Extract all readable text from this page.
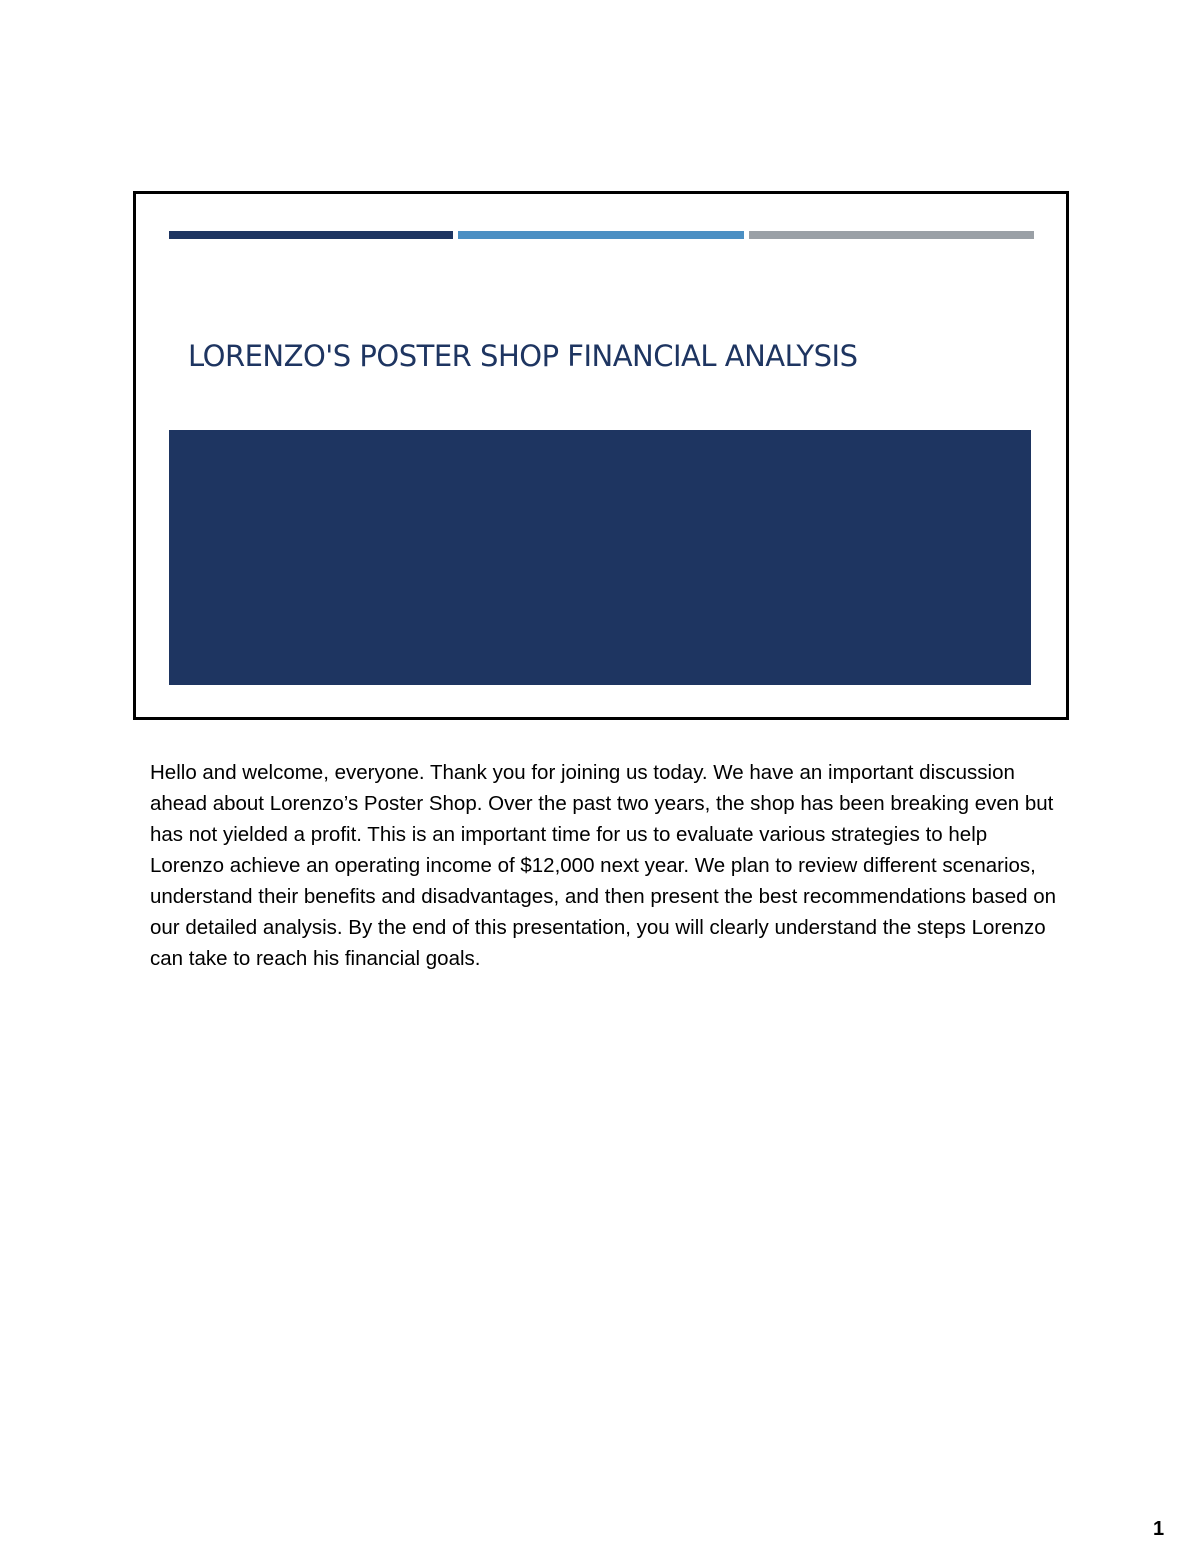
LORENZO'S POSTER SHOP FINANCIAL ANALYSIS

Hello and welcome, everyone. Thank you for joining us today. We have an important discussion ahead about Lorenzo’s Poster Shop. Over the past two years, the shop has been breaking even but has not yielded a profit. This is an important time for us to evaluate various strategies to help Lorenzo achieve an operating income of $12,000 next year. We plan to review different scenarios, understand their benefits and disadvantages, and then present the best recommendations based on our detailed analysis. By the end of this presentation, you will clearly understand the steps Lorenzo can take to reach his financial goals.

1
